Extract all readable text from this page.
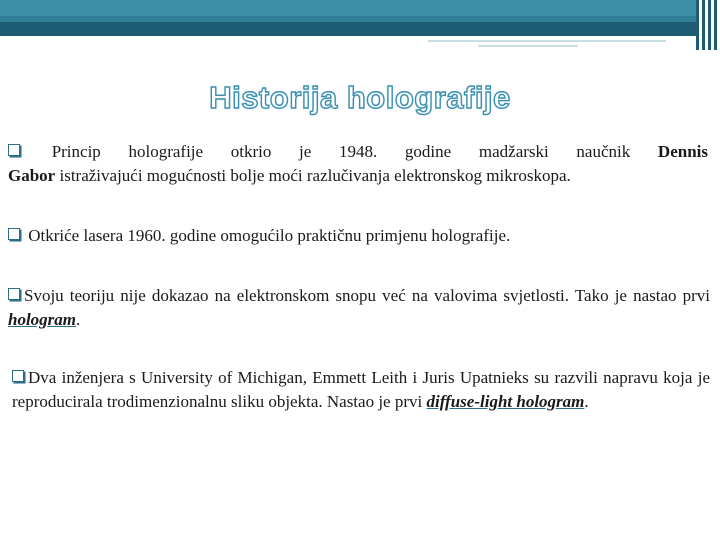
Historija holografije
Princip holografije otkrio je 1948. godine madžarski naučnik Dennis
Gabor istraživajući mogućnosti bolje moći razlučivanja elektronskog mikroskopa.
Otkriće lasera 1960. godine omogućilo praktičnu primjenu holografije.
Svoju teoriju nije dokazao na elektronskom snopu već na valovima svjetlosti. Tako je nastao prvi hologram.
Dva inženjera s University of Michigan, Emmett Leith i Juris Upatnieks su razvili napravu koja je reproducirala trodimenzionalnu sliku objekta. Nastao je prvi diffuse-light hologram.
